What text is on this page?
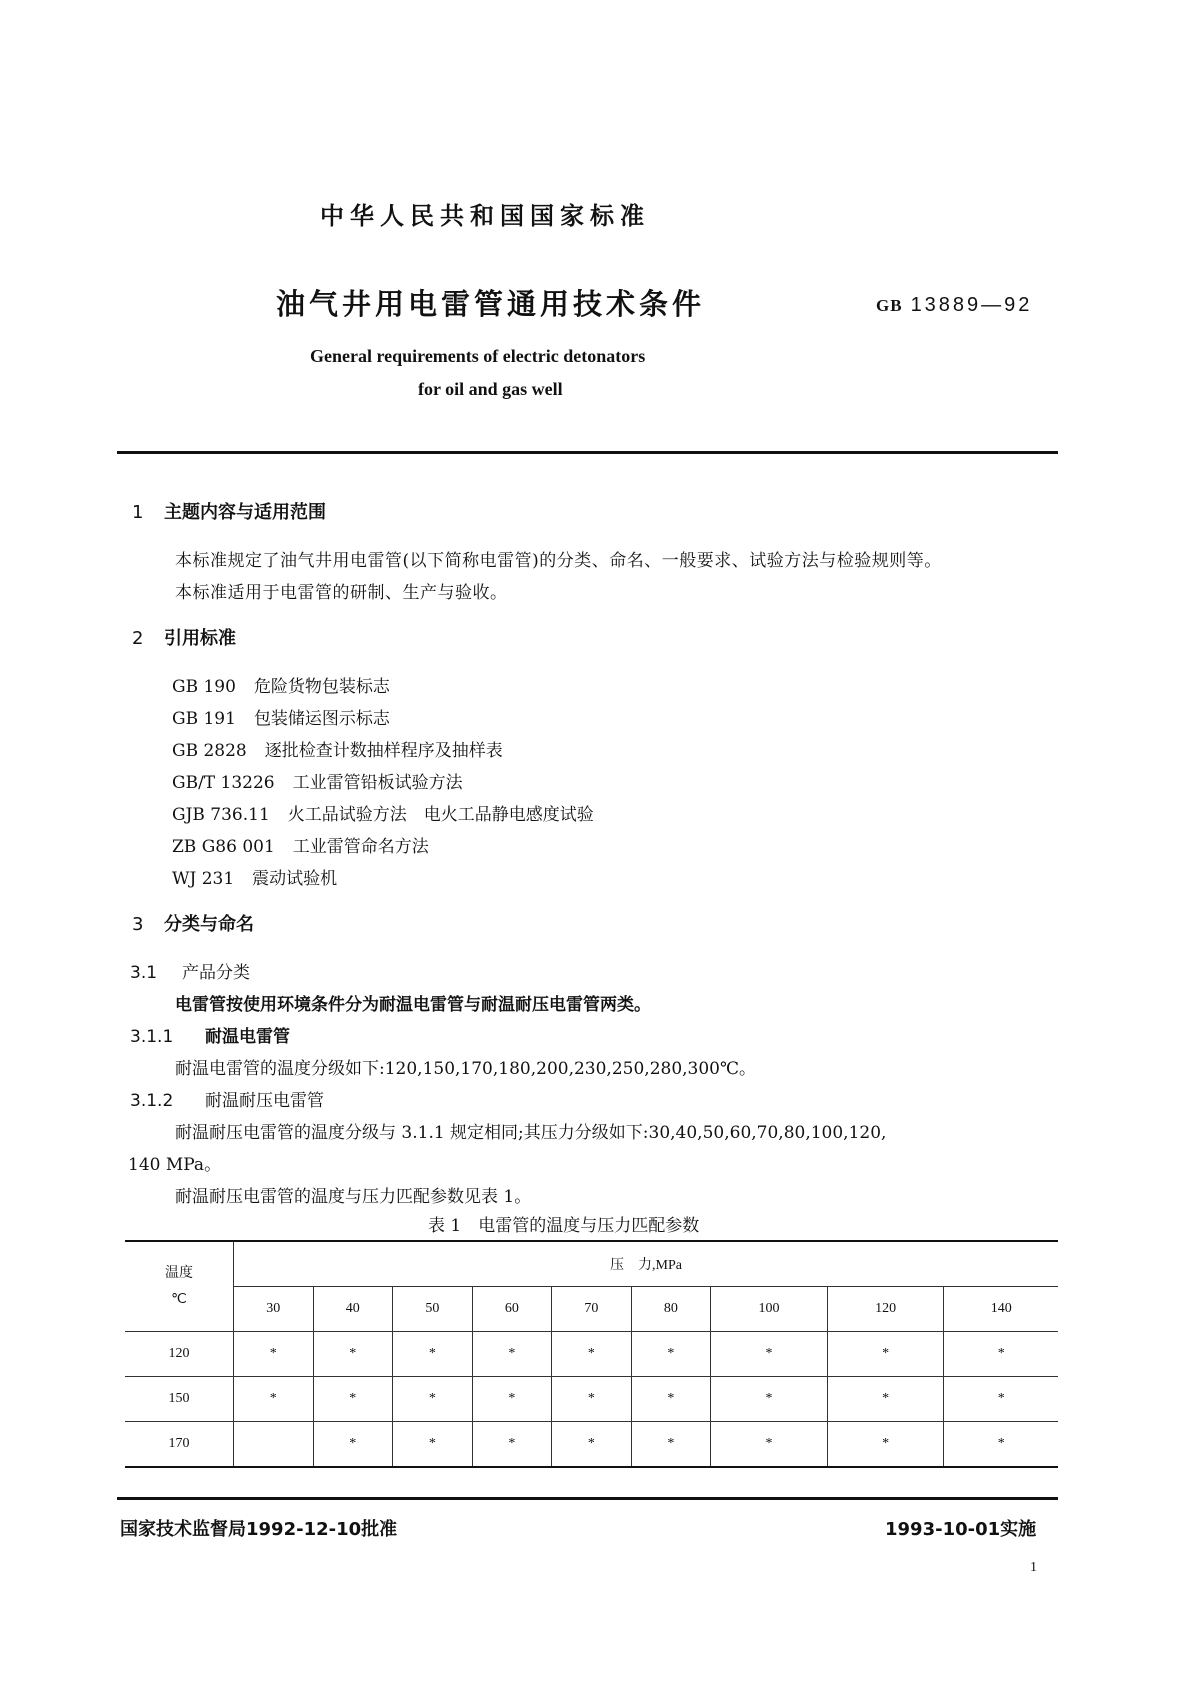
中华人民共和国国家标准
油气井用电雷管通用技术条件	GB 13889—92
General requirements of electric detonators
for oil and gas well
1 主题内容与适用范围
本标准规定了油气井用电雷管(以下简称电雷管)的分类、命名、一般要求、试验方法与检验规则等。
本标准适用于电雷管的研制、生产与验收。
2 引用标准
GB 190 危险货物包装标志
GB 191 包装储运图示标志
GB 2828 逐批检查计数抽样程序及抽样表
GB/T 13226 工业雷管铅板试验方法
GJB 736.11 火工品试验方法　电火工品静电感度试验
ZB G86 001 工业雷管命名方法
WJ 231 震动试验机
3 分类与命名
3.1 产品分类
电雷管按使用环境条件分为耐温电雷管与耐温耐压电雷管两类。
3.1.1 耐温电雷管
耐温电雷管的温度分级如下:120,150,170,180,200,230,250,280,300℃。
3.1.2 耐温耐压电雷管
耐温耐压电雷管的温度分级与 3.1.1 规定相同;其压力分级如下:30,40,50,60,70,80,100,120,
140 MPa。
耐温耐压电雷管的温度与压力匹配参数见表 1。
表 1　电雷管的温度与压力匹配参数
温度
℃	压　力,MPa								
	30	40	50	60	70	80	100	120	140
120	*	*	*	*	*	*	*	*	*
150	*	*	*	*	*	*	*	*	*
170		*	*	*	*	*	*	*	*
国家技术监督局1992-12-10批准	1993-10-01实施
1
